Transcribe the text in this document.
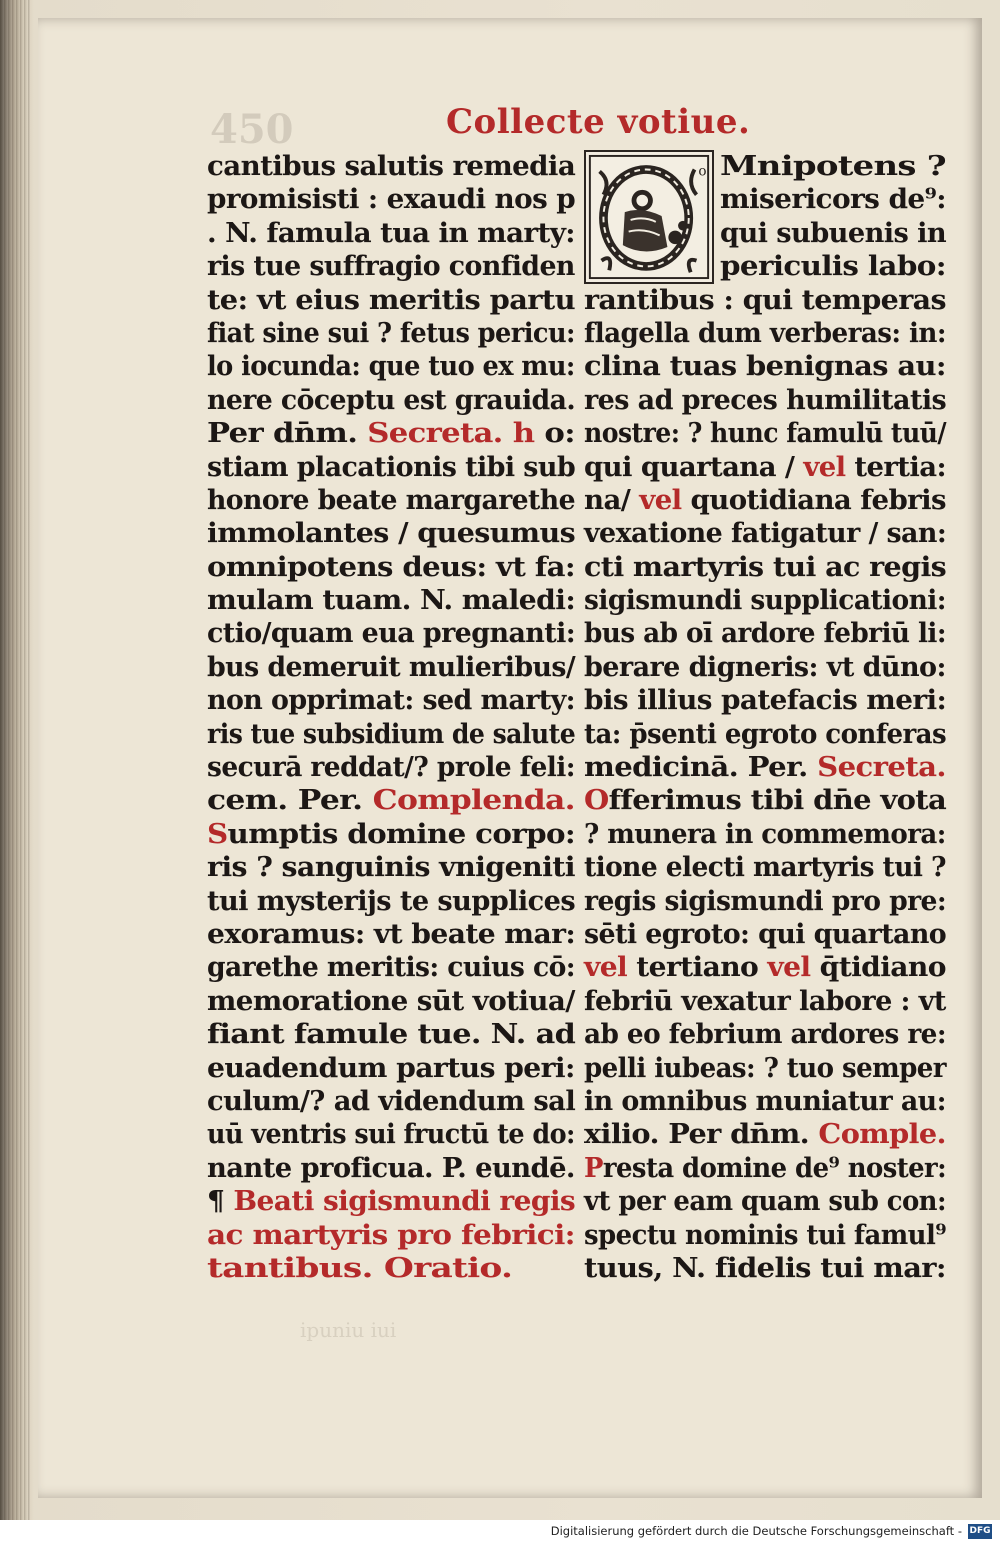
450
ipuniu iui
Collecte votiue.
o
cantibus salutis remedia
promisisti : exaudi nos p
. N. famula tua in marty:
ris tue suffragio confiden
te: vt eius meritis partu
fiat sine sui ? fetus pericu:
lo iocunda: que tuo ex mu:
nere cōceptu est grauida.
Per dn̄m. Secreta. h o:
stiam placationis tibi sub
honore beate margarethe
immolantes / quesumus
omnipotens deus: vt fa:
mulam tuam. N. maledi:
ctio/quam eua pregnanti:
bus demeruit mulieribus/
non opprimat: sed marty:
ris tue subsidium de salute
securā reddat/? prole feli:
cem. Per. Complenda.
Sumptis domine corpo:
ris ? sanguinis vnigeniti
tui mysterijs te supplices
exoramus: vt beate mar:
garethe meritis: cuius cō:
memoratione sūt votiua/
fiant famule tue. N. ad
euadendum partus peri:
culum/? ad videndum sal
uū ventris sui fructū te do:
nante proficua. P. eundē.
¶ Beati sigismundi regis
ac martyris pro febrici:
tantibus. Oratio.
Mnipotens ?
misericors de⁹:
qui subuenis in
periculis labo:
rantibus : qui temperas
flagella dum verberas: in:
clina tuas benignas au:
res ad preces humilitatis
nostre: ? hunc famulū tuū/
qui quartana / vel tertia:
na/ vel quotidiana febris
vexatione fatigatur / san:
cti martyris tui ac regis
sigismundi supplicationi:
bus ab oī ardore febriū li:
berare digneris: vt dūno:
bis illius patefacis meri:
ta: p̄senti egroto conferas
medicinā. Per. Secreta.
Offerimus tibi dn̄e vota
? munera in commemora:
tione electi martyris tui ?
regis sigismundi pro pre:
sēti egroto: qui quartano
vel tertiano vel q̄tidiano
febriū vexatur labore : vt
ab eo febrium ardores re:
pelli iubeas: ? tuo semper
in omnibus muniatur au:
xilio. Per dn̄m. Comple.
Presta domine de⁹ noster:
vt per eam quam sub con:
spectu nominis tui famul⁹
tuus, N. fidelis tui mar:
Digitalisierung gefördert durch die Deutsche Forschungsgemeinschaft - DFG
